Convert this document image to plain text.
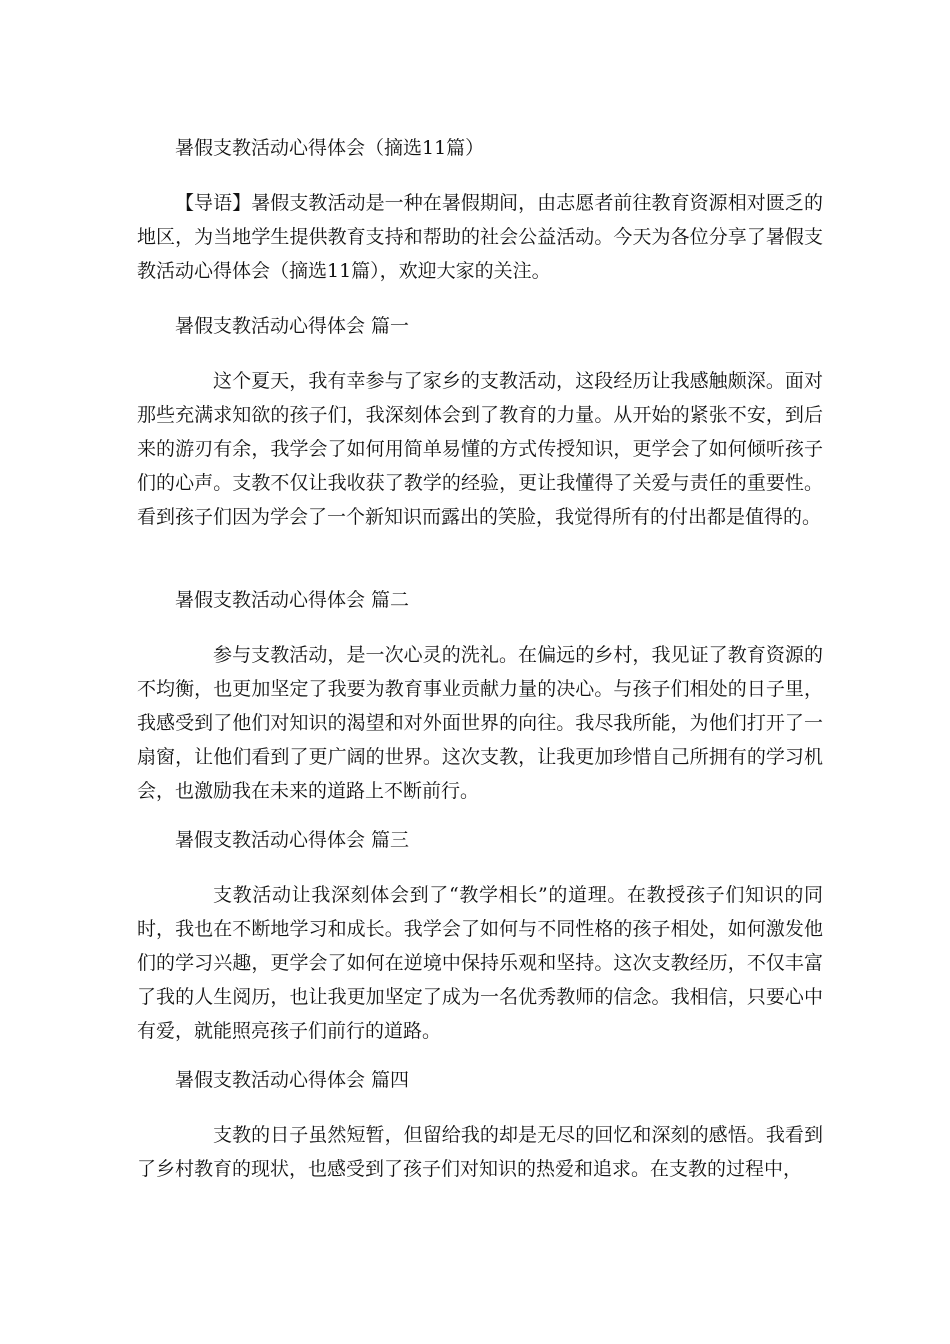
暑假支教活动心得体会（摘选11篇）

【导语】暑假支教活动是一种在暑假期间，由志愿者前往教育资源相对匮乏的地区，为当地学生提供教育支持和帮助的社会公益活动。今天为各位分享了暑假支教活动心得体会（摘选11篇），欢迎大家的关注。

暑假支教活动心得体会 篇一

这个夏天，我有幸参与了家乡的支教活动，这段经历让我感触颇深。面对那些充满求知欲的孩子们，我深刻体会到了教育的力量。从开始的紧张不安，到后来的游刃有余，我学会了如何用简单易懂的方式传授知识，更学会了如何倾听孩子们的心声。支教不仅让我收获了教学的经验，更让我懂得了关爱与责任的重要性。看到孩子们因为学会了一个新知识而露出的笑脸，我觉得所有的付出都是值得的。

暑假支教活动心得体会 篇二

参与支教活动，是一次心灵的洗礼。在偏远的乡村，我见证了教育资源的不均衡，也更加坚定了我要为教育事业贡献力量的决心。与孩子们相处的日子里，我感受到了他们对知识的渴望和对外面世界的向往。我尽我所能，为他们打开了一扇窗，让他们看到了更广阔的世界。这次支教，让我更加珍惜自己所拥有的学习机会，也激励我在未来的道路上不断前行。

暑假支教活动心得体会 篇三

支教活动让我深刻体会到了“教学相长”的道理。在教授孩子们知识的同时，我也在不断地学习和成长。我学会了如何与不同性格的孩子相处，如何激发他们的学习兴趣，更学会了如何在逆境中保持乐观和坚持。这次支教经历，不仅丰富了我的人生阅历，也让我更加坚定了成为一名优秀教师的信念。我相信，只要心中有爱，就能照亮孩子们前行的道路。

暑假支教活动心得体会 篇四

支教的日子虽然短暂，但留给我的却是无尽的回忆和深刻的感悟。我看到了乡村教育的现状，也感受到了孩子们对知识的热爱和追求。在支教的过程中，
